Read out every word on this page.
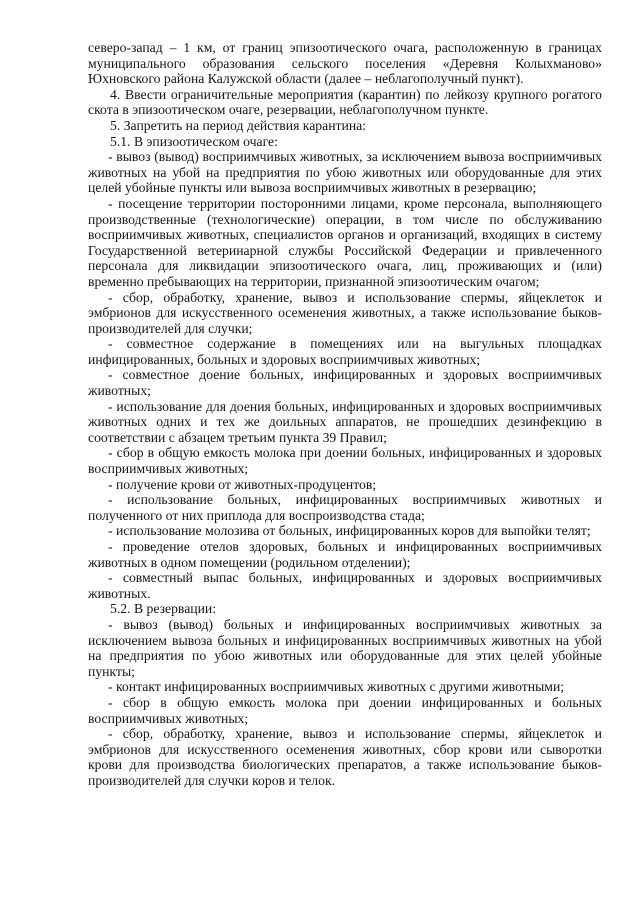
северо-запад – 1 км, от границ эпизоотического очага, расположенную в границах муниципального образования сельского поселения «Деревня Колыхманово» Юхновского района Калужской области (далее – неблагополучный пункт).

4. Ввести ограничительные мероприятия (карантин) по лейкозу крупного рогатого скота в эпизоотическом очаге, резервации, неблагополучном пункте.

5. Запретить на период действия карантина:

5.1. В эпизоотическом очаге:

- вывоз (вывод) восприимчивых животных, за исключением вывоза восприимчивых животных на убой на предприятия по убою животных или оборудованные для этих целей убойные пункты или вывоза восприимчивых животных в резервацию;

- посещение территории посторонними лицами, кроме персонала, выполняющего производственные (технологические) операции, в том числе по обслуживанию восприимчивых животных, специалистов органов и организаций, входящих в систему Государственной ветеринарной службы Российской Федерации и привлеченного персонала для ликвидации эпизоотического очага, лиц, проживающих и (или) временно пребывающих на территории, признанной эпизоотическим очагом;

- сбор, обработку, хранение, вывоз и использование спермы, яйцеклеток и эмбрионов для искусственного осеменения животных, а также использование быков-производителей для случки;

- совместное содержание в помещениях или на выгульных площадках инфицированных, больных и здоровых восприимчивых животных;

- совместное доение больных, инфицированных и здоровых восприимчивых животных;

- использование для доения больных, инфицированных и здоровых восприимчивых животных одних и тех же доильных аппаратов, не прошедших дезинфекцию в соответствии с абзацем третьим пункта 39 Правил;

- сбор в общую емкость молока при доении больных, инфицированных и здоровых восприимчивых животных;

- получение крови от животных-продуцентов;

- использование больных, инфицированных восприимчивых животных и полученного от них приплода для воспроизводства стада;

- использование молозива от больных, инфицированных коров для выпойки телят;

- проведение отелов здоровых, больных и инфицированных восприимчивых животных в одном помещении (родильном отделении);

- совместный выпас больных, инфицированных и здоровых восприимчивых животных.

5.2. В резервации:

- вывоз (вывод) больных и инфицированных восприимчивых животных за исключением вывоза больных и инфицированных восприимчивых животных на убой на предприятия по убою животных или оборудованные для этих целей убойные пункты;

- контакт инфицированных восприимчивых животных с другими животными;

- сбор в общую емкость молока при доении инфицированных и больных восприимчивых животных;

- сбор, обработку, хранение, вывоз и использование спермы, яйцеклеток и эмбрионов для искусственного осеменения животных, сбор крови или сыворотки крови для производства биологических препаратов, а также использование быков-производителей для случки коров и телок.
